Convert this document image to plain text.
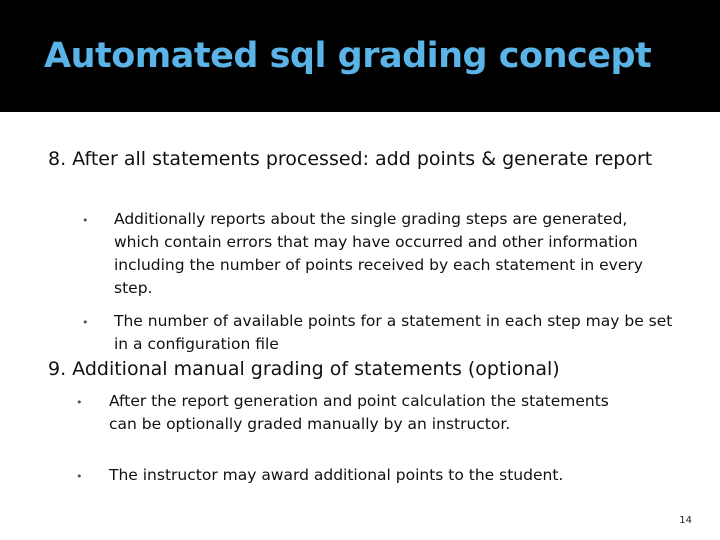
Automated sql grading concept
8. After all statements processed: add points & generate report
• Additionally reports about the single grading steps are generated, which contain errors that may have occurred and other information including the number of points received by each statement in every step.
• The number of available points for a statement in each step may be set in a configuration file
9. Additional manual grading of statements (optional)
• After the report generation and point calculation the statements can be optionally graded manually by an instructor.
• The instructor may award additional points to the student.
14
